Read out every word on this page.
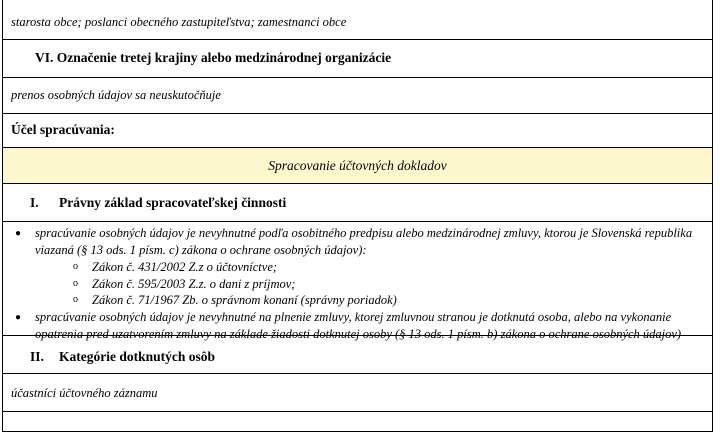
starosta obce; poslanci obecného zastupiteľstva; zamestnanci obce
VI. Označenie tretej krajiny alebo medzinárodnej organizácie
prenos osobných údajov sa neuskutočňuje
Účel spracúvania:
Spracovanie účtovných dokladov
I. Právny základ spracovateľskej činnosti
● spracúvanie osobných údajov je nevyhnutné podľa osobitného predpisu alebo medzinárodnej zmluvy, ktorou je Slovenská republika
viazaná (§ 13 ods. 1 písm. c) zákona o ochrane osobných údajov):
o Zákon č. 431/2002 Z.z o účtovníctve;
o Zákon č. 595/2003 Z.z. o dani z príjmov;
o Zákon č. 71/1967 Zb. o správnom konaní (správny poriadok)
● spracúvanie osobných údajov je nevyhnutné na plnenie zmluvy, ktorej zmluvnou stranou je dotknutá osoba, alebo na vykonanie
opatrenia pred uzatvorením zmluvy na základe žiadosti dotknutej osoby (§ 13 ods. 1 písm. b) zákona o ochrane osobných údajov)
II. Kategórie dotknutých osôb
účastníci účtovného záznamu
